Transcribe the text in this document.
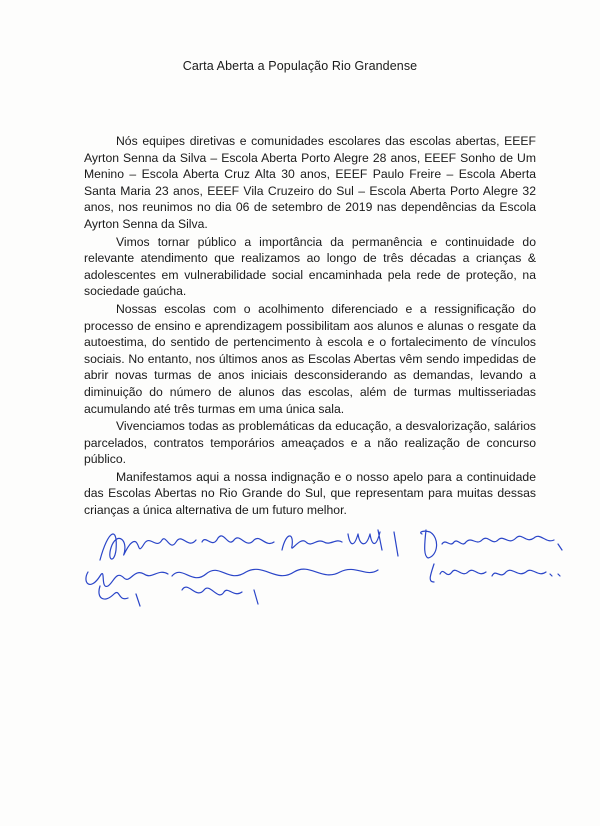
Carta Aberta a População Rio Grandense

Nós equipes diretivas e comunidades escolares das escolas abertas, EEEF Ayrton Senna da Silva – Escola Aberta Porto Alegre 28 anos, EEEF Sonho de Um Menino – Escola Aberta Cruz Alta 30 anos, EEEF Paulo Freire – Escola Aberta Santa Maria 23 anos, EEEF Vila Cruzeiro do Sul – Escola Aberta Porto Alegre 32 anos, nos reunimos no dia 06 de setembro de 2019 nas dependências da Escola Ayrton Senna da Silva.

Vimos tornar público a importância da permanência e continuidade do relevante atendimento que realizamos ao longo de três décadas a crianças & adolescentes em vulnerabilidade social encaminhada pela rede de proteção, na sociedade gaúcha.

Nossas escolas com o acolhimento diferenciado e a ressignificação do processo de ensino e aprendizagem possibilitam aos alunos e alunas o resgate da autoestima, do sentido de pertencimento à escola e o fortalecimento de vínculos sociais. No entanto, nos últimos anos as Escolas Abertas vêm sendo impedidas de abrir novas turmas de anos iniciais desconsiderando as demandas, levando a diminuição do número de alunos das escolas, além de turmas multisseriadas acumulando até três turmas em uma única sala.

Vivenciamos todas as problemáticas da educação, a desvalorização, salários parcelados, contratos temporários ameaçados e a não realização de concurso público.

Manifestamos aqui a nossa indignação e o nosso apelo para a continuidade das Escolas Abertas no Rio Grande do Sul, que representam para muitas dessas crianças a única alternativa de um futuro melhor.
